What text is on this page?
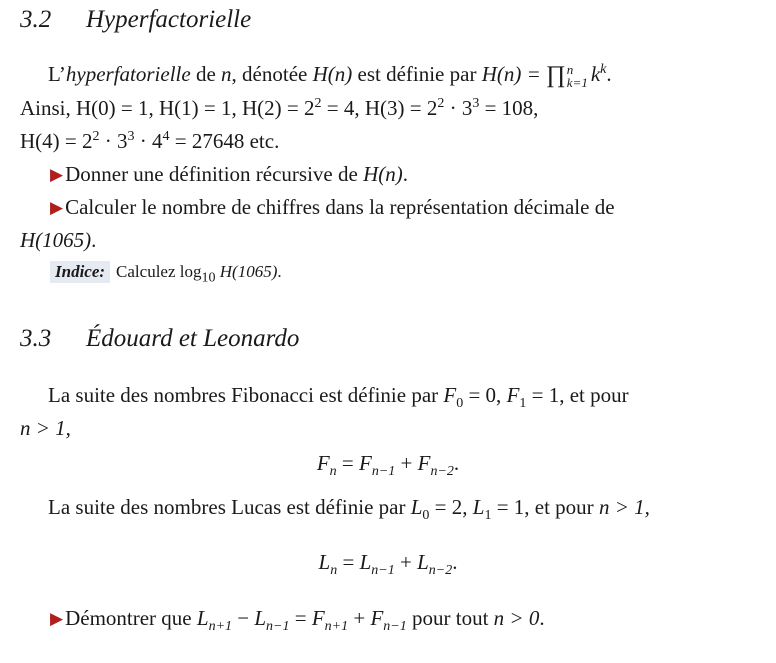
3.2 Hyperfactorielle
L’hyperfatorielle de n, dénotée H(n) est définie par H(n) = ∏ n
k=1 $k^k$.
Ainsi, H(0) = 1, H(1) = 1, $H(2) = 2^2 = 4$, $H(3) = 2^2 \cdot 3^3 = 108$,
$H(4) = 2^2 \cdot 3^3 \cdot 4^4 = 27648$ etc.
▶Donner une définition récursive de H(n).
▶Calculer le nombre de chiffres dans la représentation décimale de
H(1065).
Indice: Calculez $\log_{10} H(1065)$.
3.3 Édouard et Leonardo
La suite des nombres Fibonacci est définie par $F_0 = 0$, $F_1 = 1$, et pour
n > 1,
$F_n = F_{n-1} + F_{n-2}$.
La suite des nombres Lucas est définie par $L_0 = 2$, $L_1 = 1$, et pour n > 1,
$L_n = L_{n-1} + L_{n-2}$.
▶Démontrer que $L_{n+1} - L_{n-1} = F_{n+1} + F_{n-1}$ pour tout n > 0.
